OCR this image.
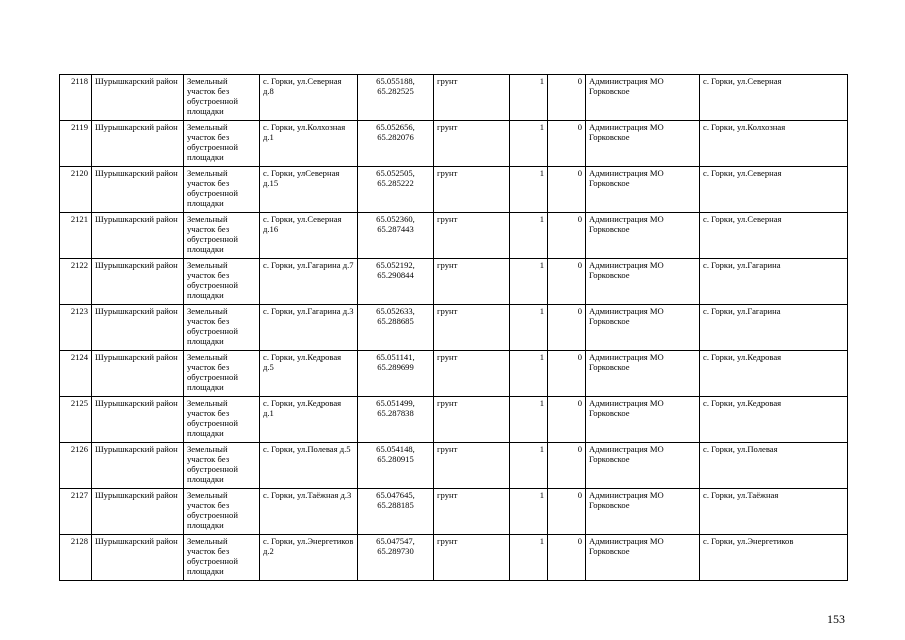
2118	Шурышкарский район	Земельный участок без обустроенной площадки	с. Горки, ул.Северная д.8	65.055188, 65.282525	грунт	1	0	Администрация МО Горковское	с. Горки, ул.Северная
2119	Шурышкарский район	Земельный участок без обустроенной площадки	с. Горки, ул.Колхозная д.1	65.052656, 65.282076	грунт	1	0	Администрация МО Горковское	с. Горки, ул.Колхозная
2120	Шурышкарский район	Земельный участок без обустроенной площадки	с. Горки, улСеверная д.15	65.052505, 65.285222	грунт	1	0	Администрация МО Горковское	с. Горки, ул.Северная
2121	Шурышкарский район	Земельный участок без обустроенной площадки	с. Горки, ул.Северная д.16	65.052360, 65.287443	грунт	1	0	Администрация МО Горковское	с. Горки, ул.Северная
2122	Шурышкарский район	Земельный участок без обустроенной площадки	с. Горки, ул.Гагарина д.7	65.052192, 65.290844	грунт	1	0	Администрация МО Горковское	с. Горки, ул.Гагарина
2123	Шурышкарский район	Земельный участок без обустроенной площадки	с. Горки, ул.Гагарина д.3	65.052633, 65.288685	грунт	1	0	Администрация МО Горковское	с. Горки, ул.Гагарина
2124	Шурышкарский район	Земельный участок без обустроенной площадки	с. Горки, ул.Кедровая д.5	65.051141, 65.289699	грунт	1	0	Администрация МО Горковское	с. Горки, ул.Кедровая
2125	Шурышкарский район	Земельный участок без обустроенной площадки	с. Горки, ул.Кедровая д.1	65.051499, 65.287838	грунт	1	0	Администрация МО Горковское	с. Горки, ул.Кедровая
2126	Шурышкарский район	Земельный участок без обустроенной площадки	с. Горки, ул.Полевая д.5	65.054148, 65.280915	грунт	1	0	Администрация МО Горковское	с. Горки, ул.Полевая
2127	Шурышкарский район	Земельный участок без обустроенной площадки	с. Горки, ул.Таёжная д.3	65.047645, 65.288185	грунт	1	0	Администрация МО Горковское	с. Горки, ул.Таёжная
2128	Шурышкарский район	Земельный участок без обустроенной площадки	с. Горки, ул.Энергетиков д.2	65.047547, 65.289730	грунт	1	0	Администрация МО Горковское	с. Горки, ул.Энергетиков
153
